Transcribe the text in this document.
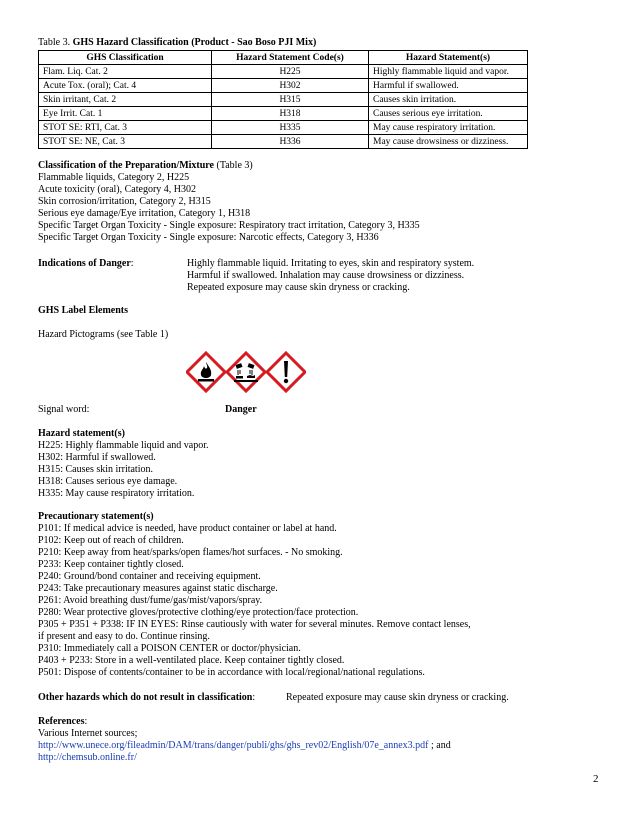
Table 3. GHS Hazard Classification (Product - Sao Boso PJI Mix)
GHS Classification	Hazard Statement Code(s)	Hazard Statement(s)
Flam. Liq. Cat. 2	H225	Highly flammable liquid and vapor.
Acute Tox. (oral); Cat. 4	H302	Harmful if swallowed.
Skin irritant, Cat. 2	H315	Causes skin irritation.
Eye Irrit. Cat. 1	H318	Causes serious eye irritation.
STOT SE: RTI, Cat. 3	H335	May cause respiratory irritation.
STOT SE: NE, Cat. 3	H336	May cause drowsiness or dizziness.
Classification of the Preparation/Mixture (Table 3)
Flammable liquids, Category 2, H225
Acute toxicity (oral), Category 4, H302
Skin corrosion/irritation, Category 2, H315
Serious eye damage/Eye irritation, Category 1, H318
Specific Target Organ Toxicity - Single exposure: Respiratory tract irritation, Category 3, H335
Specific Target Organ Toxicity - Single exposure: Narcotic effects, Category 3, H336
Indications of Danger:	Highly flammable liquid. Irritating to eyes, skin and respiratory system.
Harmful if swallowed. Inhalation may cause drowsiness or dizziness.
Repeated exposure may cause skin dryness or cracking.
GHS Label Elements
Hazard Pictograms (see Table 1)
Signal word:	Danger
Hazard statement(s)
H225: Highly flammable liquid and vapor.
H302: Harmful if swallowed.
H315: Causes skin irritation.
H318: Causes serious eye damage.
H335: May cause respiratory irritation.
Precautionary statement(s)
P101: If medical advice is needed, have product container or label at hand.
P102: Keep out of reach of children.
P210: Keep away from heat/sparks/open flames/hot surfaces. - No smoking.
P233: Keep container tightly closed.
P240: Ground/bond container and receiving equipment.
P243: Take precautionary measures against static discharge.
P261: Avoid breathing dust/fume/gas/mist/vapors/spray.
P280: Wear protective gloves/protective clothing/eye protection/face protection.
P305 + P351 + P338: IF IN EYES: Rinse cautiously with water for several minutes. Remove contact lenses,
if present and easy to do. Continue rinsing.
P310: Immediately call a POISON CENTER or doctor/physician.
P403 + P233: Store in a well-ventilated place. Keep container tightly closed.
P501: Dispose of contents/container to be in accordance with local/regional/national regulations.
Other hazards which do not result in classification:	Repeated exposure may cause skin dryness or cracking.
References:
Various Internet sources;
http://www.unece.org/fileadmin/DAM/trans/danger/publi/ghs/ghs_rev02/English/07e_annex3.pdf ; and
http://chemsub.online.fr/
2
